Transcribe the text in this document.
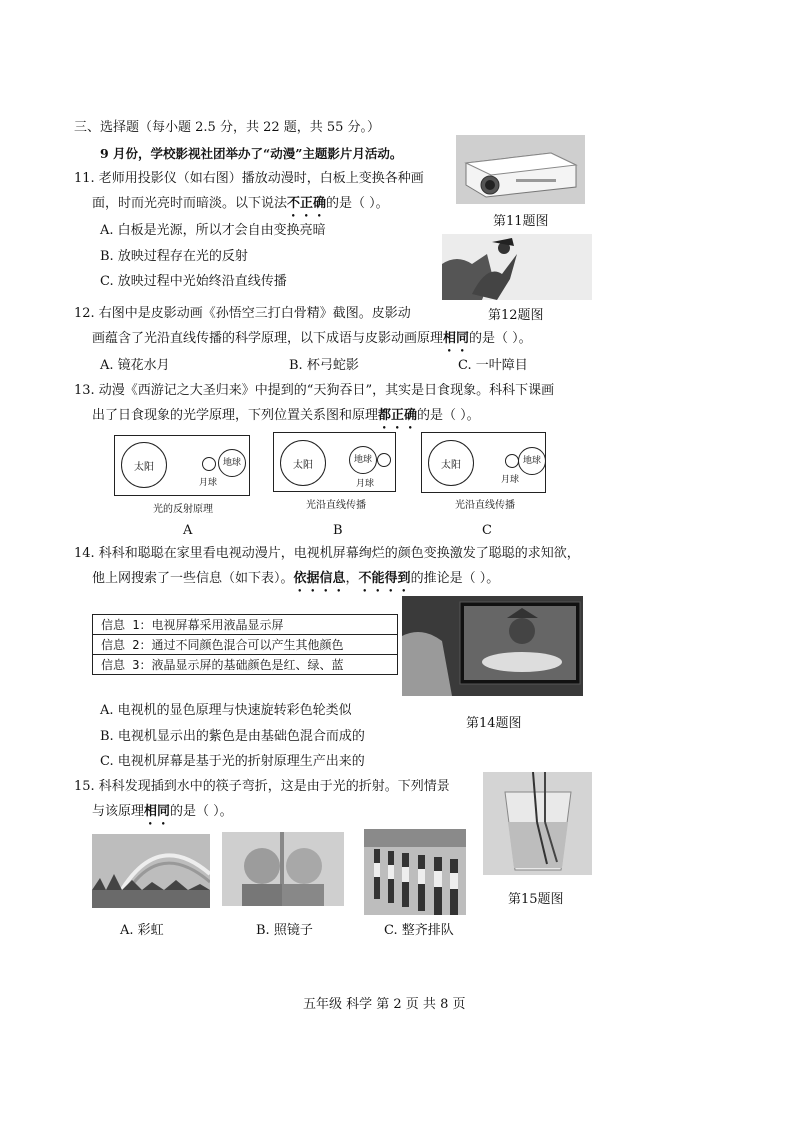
三、选择题（每小题 2.5 分，共 22 题，共 55 分。）
9 月份，学校影视社团举办了“动漫”主题影片月活动。
11. 老师用投影仪（如右图）播放动漫时，白板上变换各种画
面，时而光亮时而暗淡。以下说法不正确的是（ ）。
A. 白板是光源，所以才会自由变换亮暗
B. 放映过程存在光的反射
C. 放映过程中光始终沿直线传播
第11题图
第12题图
12. 右图中是皮影动画《孙悟空三打白骨精》截图。皮影动
画蕴含了光沿直线传播的科学原理，以下成语与皮影动画原理相同的是（ ）。
A. 镜花水月	B. 杯弓蛇影	C. 一叶障目
13. 动漫《西游记之大圣归来》中提到的“天狗吞日”，其实是日食现象。科科下课画
出了日食现象的光学原理，下列位置关系图和原理都正确的是（ ）。
太阳	地球
月球
光的反射原理
A
太阳	地球
月球
光沿直线传播
B
太阳	地球
月球
光沿直线传播
C
14. 科科和聪聪在家里看电视动漫片，电视机屏幕绚烂的颜色变换激发了聪聪的求知欲，
他上网搜索了一些信息（如下表）。依据信息，不能得到的推论是（ ）。
信息 1：电视屏幕采用液晶显示屏
信息 2：通过不同颜色混合可以产生其他颜色
信息 3：液晶显示屏的基础颜色是红、绿、蓝
第14题图
A. 电视机的显色原理与快速旋转彩色轮类似
B. 电视机显示出的紫色是由基础色混合而成的
C. 电视机屏幕是基于光的折射原理生产出来的
15. 科科发现插到水中的筷子弯折，这是由于光的折射。下列情景
与该原理相同的是（ ）。
第15题图
A. 彩虹	B. 照镜子	C. 整齐排队
五年级 科学 第 2 页 共 8 页
